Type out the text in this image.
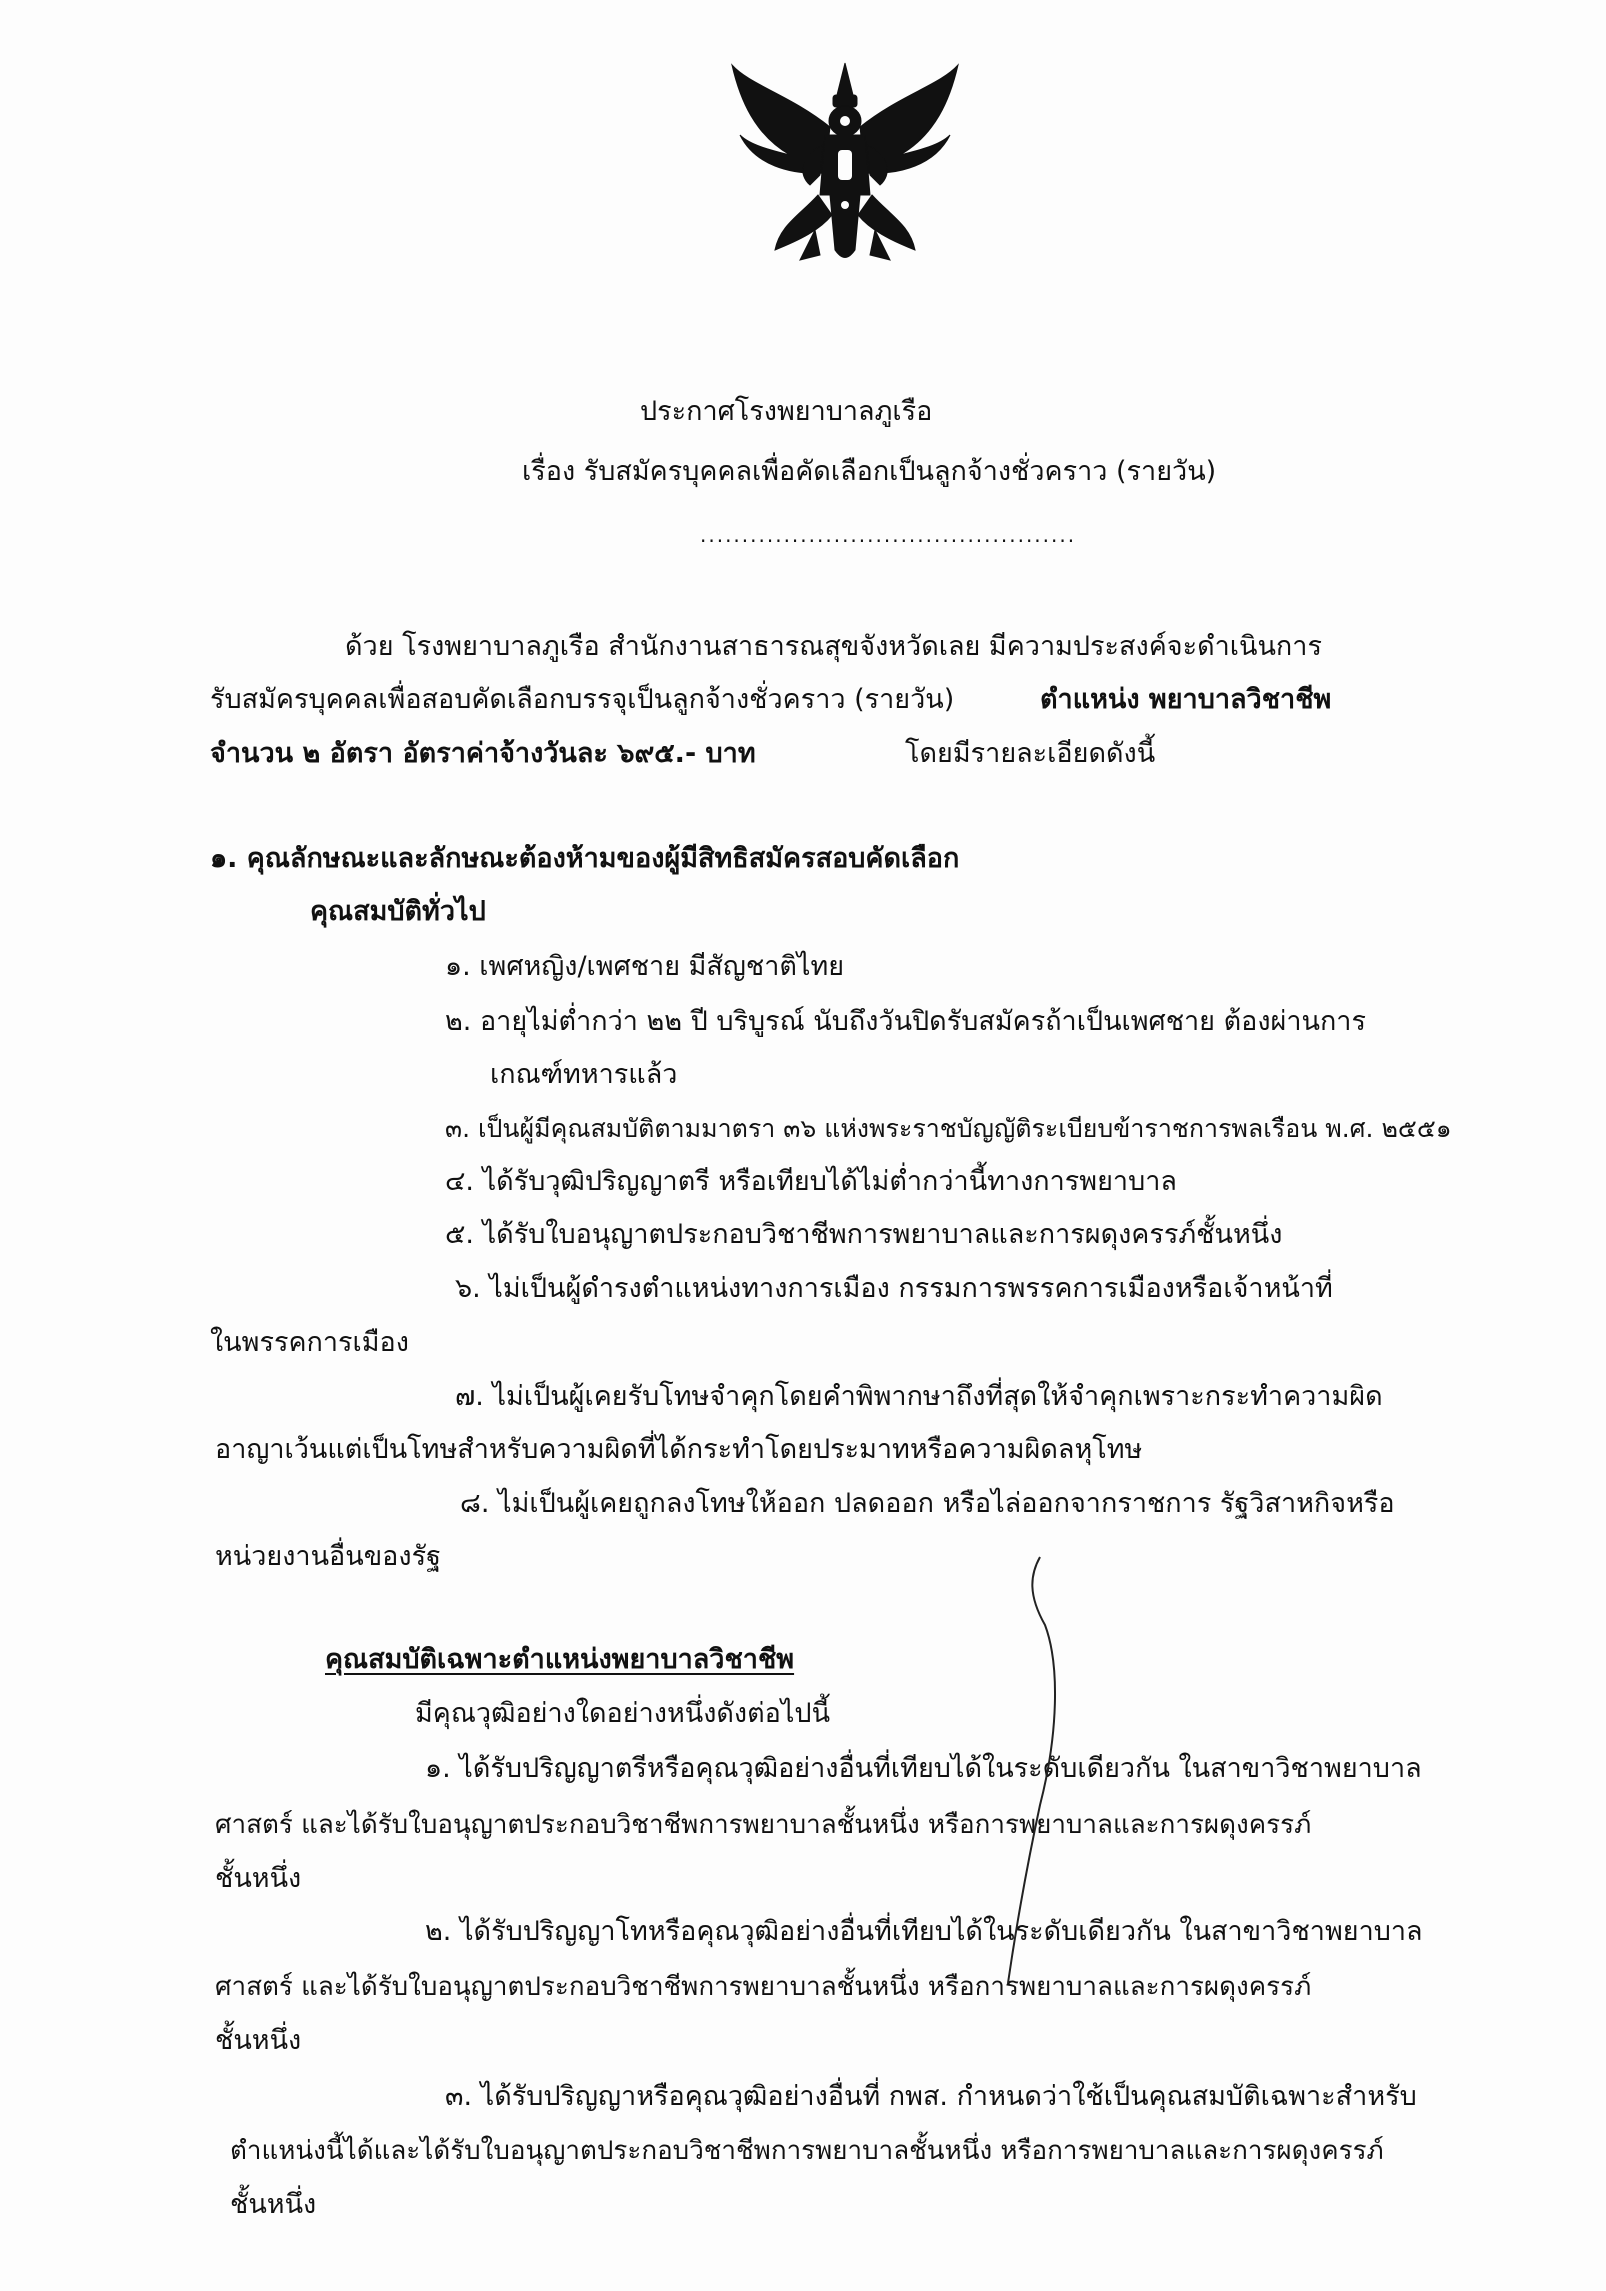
ประกาศโรงพยาบาลภูเรือ
เรื่อง รับสมัครบุคคลเพื่อคัดเลือกเป็นลูกจ้างชั่วคราว (รายวัน)
.............................................
ด้วย โรงพยาบาลภูเรือ สำนักงานสาธารณสุขจังหวัดเลย มีความประสงค์จะดำเนินการ
รับสมัครบุคคลเพื่อสอบคัดเลือกบรรจุเป็นลูกจ้างชั่วคราว (รายวัน)	ตำแหน่ง พยาบาลวิชาชีพ
จำนวน ๒ อัตรา อัตราค่าจ้างวันละ ๖๙๕.- บาท	โดยมีรายละเอียดดังนี้
๑. คุณลักษณะและลักษณะต้องห้ามของผู้มีสิทธิสมัครสอบคัดเลือก
คุณสมบัติทั่วไป
๑. เพศหญิง/เพศชาย มีสัญชาติไทย
๒. อายุไม่ต่ำกว่า ๒๒ ปี บริบูรณ์ นับถึงวันปิดรับสมัครถ้าเป็นเพศชาย ต้องผ่านการ
เกณฑ์ทหารแล้ว
๓. เป็นผู้มีคุณสมบัติตามมาตรา ๓๖ แห่งพระราชบัญญัติระเบียบข้าราชการพลเรือน พ.ศ. ๒๕๕๑
๔. ได้รับวุฒิปริญญาตรี หรือเทียบได้ไม่ต่ำกว่านี้ทางการพยาบาล
๕. ได้รับใบอนุญาตประกอบวิชาชีพการพยาบาลและการผดุงครรภ์ชั้นหนึ่ง
๖. ไม่เป็นผู้ดำรงตำแหน่งทางการเมือง กรรมการพรรคการเมืองหรือเจ้าหน้าที่
ในพรรคการเมือง
๗. ไม่เป็นผู้เคยรับโทษจำคุกโดยคำพิพากษาถึงที่สุดให้จำคุกเพราะกระทำความผิด
อาญาเว้นแต่เป็นโทษสำหรับความผิดที่ได้กระทำโดยประมาทหรือความผิดลหุโทษ
๘. ไม่เป็นผู้เคยถูกลงโทษให้ออก ปลดออก หรือไล่ออกจากราชการ รัฐวิสาหกิจหรือ
หน่วยงานอื่นของรัฐ
คุณสมบัติเฉพาะตำแหน่งพยาบาลวิชาชีพ
มีคุณวุฒิอย่างใดอย่างหนึ่งดังต่อไปนี้
๑. ได้รับปริญญาตรีหรือคุณวุฒิอย่างอื่นที่เทียบได้ในระดับเดียวกัน ในสาขาวิชาพยาบาล
ศาสตร์ และได้รับใบอนุญาตประกอบวิชาชีพการพยาบาลชั้นหนึ่ง หรือการพยาบาลและการผดุงครรภ์
ชั้นหนึ่ง
๒. ได้รับปริญญาโทหรือคุณวุฒิอย่างอื่นที่เทียบได้ในระดับเดียวกัน ในสาขาวิชาพยาบาล
ศาสตร์ และได้รับใบอนุญาตประกอบวิชาชีพการพยาบาลชั้นหนึ่ง หรือการพยาบาลและการผดุงครรภ์
ชั้นหนึ่ง
๓. ได้รับปริญญาหรือคุณวุฒิอย่างอื่นที่ กพส. กำหนดว่าใช้เป็นคุณสมบัติเฉพาะสำหรับ
ตำแหน่งนี้ได้และได้รับใบอนุญาตประกอบวิชาชีพการพยาบาลชั้นหนึ่ง หรือการพยาบาลและการผดุงครรภ์
ชั้นหนึ่ง
